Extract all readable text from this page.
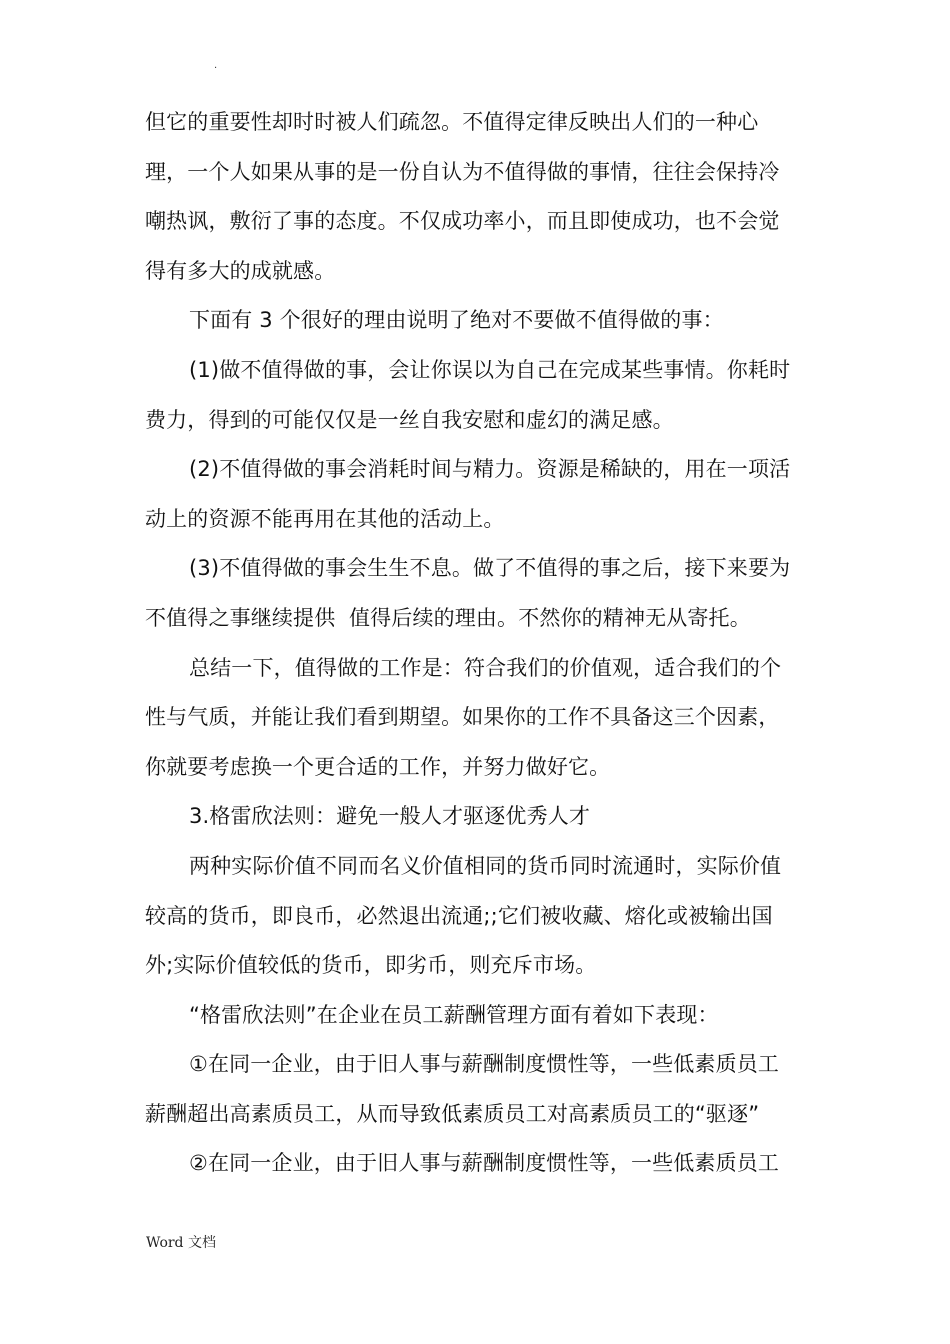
.
但它的重要性却时时被人们疏忽。不值得定律反映出人们的一种心
理，一个人如果从事的是一份自认为不值得做的事情，往往会保持冷
嘲热讽，敷衍了事的态度。不仅成功率小，而且即使成功，也不会觉
得有多大的成就感。
下面有 3 个很好的理由说明了绝对不要做不值得做的事：
(1)做不值得做的事，会让你误以为自己在完成某些事情。你耗时
费力，得到的可能仅仅是一丝自我安慰和虚幻的满足感。
(2)不值得做的事会消耗时间与精力。资源是稀缺的，用在一项活
动上的资源不能再用在其他的活动上。
(3)不值得做的事会生生不息。做了不值得的事之后，接下来要为
不值得之事继续提供  值得后续的理由。不然你的精神无从寄托。
总结一下，值得做的工作是：符合我们的价值观，适合我们的个
性与气质，并能让我们看到期望。如果你的工作不具备这三个因素，
你就要考虑换一个更合适的工作，并努力做好它。
3.格雷欣法则：避免一般人才驱逐优秀人才
两种实际价值不同而名义价值相同的货币同时流通时，实际价值
较高的货币，即良币，必然退出流通;;它们被收藏、熔化或被输出国
外;实际价值较低的货币，即劣币，则充斥市场。
“格雷欣法则”在企业在员工薪酬管理方面有着如下表现：
①在同一企业，由于旧人事与薪酬制度惯性等，一些低素质员工
薪酬超出高素质员工，从而导致低素质员工对高素质员工的“驱逐”
②在同一企业，由于旧人事与薪酬制度惯性等，一些低素质员工
Word 文档
